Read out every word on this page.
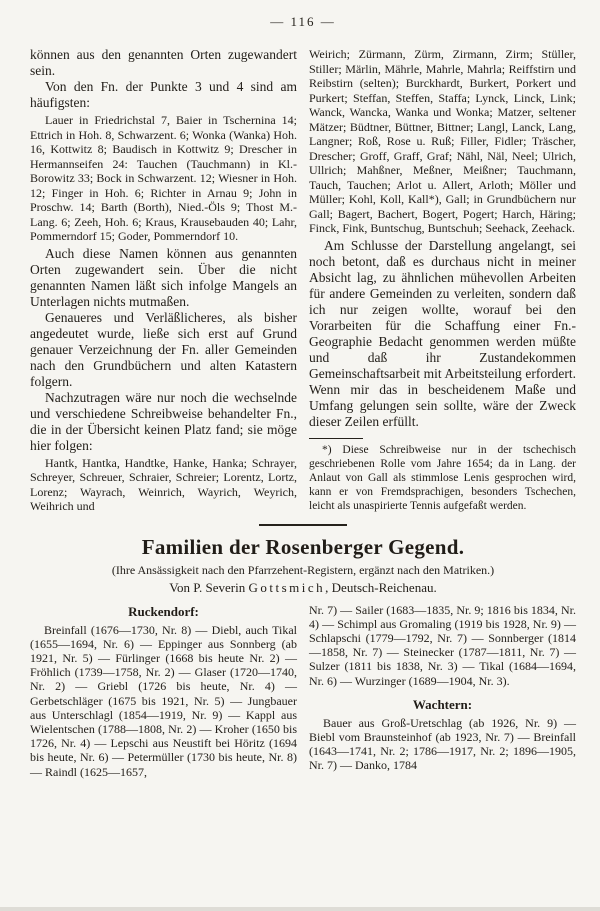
— 116 —

können aus den genannten Orten zugewandert sein.

Von den Fn. der Punkte 3 und 4 sind am häufigsten:

Lauer in Friedrichstal 7, Baier in Tschernina 14; Ettrich in Hoh. 8, Schwarzent. 6; Wonka (Wanka) Hoh. 16, Kottwitz 8; Baudisch in Kottwitz 9; Drescher in Hermannseifen 24: Tauchen (Tauchmann) in Kl.-Borowitz 33; Bock in Schwarzent. 12; Wiesner in Hoh. 12; Finger in Hoh. 6; Richter in Arnau 9; John in Proschw. 14; Barth (Borth), Nied.-Öls 9; Thost M.-Lang. 6; Zeeh, Hoh. 6; Kraus, Krausebauden 40; Lahr, Pommerndorf 15; Goder, Pommerndorf 10.

Auch diese Namen können aus genannten Orten zugewandert sein. Über die nicht genannten Namen läßt sich infolge Mangels an Unterlagen nichts mutmaßen.

Genaueres und Verläßlicheres, als bisher angedeutet wurde, ließe sich erst auf Grund genauer Verzeichnung der Fn. aller Gemeinden nach den Grundbüchern und alten Katastern folgern.

Nachzutragen wäre nur noch die wechselnde und verschiedene Schreibweise behandelter Fn., die in der Übersicht keinen Platz fand; sie möge hier folgen:

Hantk, Hantka, Handtke, Hanke, Hanka; Schrayer, Schreyer, Schreuer, Schraier, Schreier; Lorentz, Lortz, Lorenz; Wayrach, Weinrich, Wayrich, Weyrich, Weihrich und

Weirich; Zürmann, Zürm, Zirmann, Zirm; Stüller, Stiller; Märlin, Mährle, Mahrle, Mahrla; Reiffstirn und Reibstirn (selten); Burckhardt, Burkert, Porkert und Purkert; Steffan, Steffen, Staffa; Lynck, Linck, Link; Wanck, Wancka, Wanka und Wonka; Matzer, seltener Mätzer; Büdtner, Büttner, Bittner; Langl, Lanck, Lang, Langner; Roß, Rose u. Ruß; Filler, Fidler; Träscher, Drescher; Groff, Graff, Graf; Nähl, Näl, Neel; Ulrich, Ullrich; Mahßner, Meßner, Meißner; Tauchmann, Tauch, Tauchen; Arlot u. Allert, Arloth; Möller und Müller; Kohl, Koll, Kall*), Gall; in Grundbüchern nur Gall; Bagert, Bachert, Bogert, Pogert; Harch, Häring; Finck, Fink, Buntschug, Buntschuh; Seehack, Zeehack.

Am Schlusse der Darstellung angelangt, sei noch betont, daß es durchaus nicht in meiner Absicht lag, zu ähnlichen mühevollen Arbeiten für andere Gemeinden zu verleiten, sondern daß ich nur zeigen wollte, worauf bei den Vorarbeiten für die Schaffung einer Fn.-Geographie Bedacht genommen werden müßte und daß ihr Zustandekommen Gemeinschaftsarbeit mit Arbeitsteilung erfordert. Wenn mir das in bescheidenem Maße und Umfang gelungen sein sollte, wäre der Zweck dieser Zeilen erfüllt.

*) Diese Schreibweise nur in der tschechisch geschriebenen Rolle vom Jahre 1654; da in Lang. der Anlaut von Gall als stimmlose Lenis gesprochen wird, kann er von Fremdsprachigen, besonders Tschechen, leicht als unaspirierte Tennis aufgefaßt werden.

Familien der Rosenberger Gegend.
(Ihre Ansässigkeit nach den Pfarrzehent-Registern, ergänzt nach den Matriken.)
Von P. Severin Gottsmich, Deutsch-Reichenau.
Ruckendorf:

Breinfall (1676—1730, Nr. 8) — Diebl, auch Tikal (1655—1694, Nr. 6) — Eppinger aus Sonnberg (ab 1921, Nr. 5) — Fürlinger (1668 bis heute Nr. 2) — Fröhlich (1739—1758, Nr. 2) — Glaser (1720—1740, Nr. 2) — Griebl (1726 bis heute, Nr. 4) — Gerbetschläger (1675 bis 1921, Nr. 5) — Jungbauer aus Unterschlagl (1854—1919, Nr. 9) — Kappl aus Wielentschen (1788—1808, Nr. 2) — Kroher (1650 bis 1726, Nr. 4) — Lepschi aus Neustift bei Höritz (1694 bis heute, Nr. 6) — Petermüller (1730 bis heute, Nr. 8) — Raindl (1625—1657,

Nr. 7) — Sailer (1683—1835, Nr. 9; 1816 bis 1834, Nr. 4) — Schimpl aus Gromaling (1919 bis 1928, Nr. 9) — Schlapschi (1779—1792, Nr. 7) — Sonnberger (1814—1858, Nr. 7) — Steinecker (1787—1811, Nr. 7) — Sulzer (1811 bis 1838, Nr. 3) — Tikal (1684—1694, Nr. 6) — Wurzinger (1689—1904, Nr. 3).

Wachtern:

Bauer aus Groß-Uretschlag (ab 1926, Nr. 9) — Biebl vom Braunsteinhof (ab 1923, Nr. 7) — Breinfall (1643—1741, Nr. 2; 1786—1917, Nr. 2; 1896—1905, Nr. 7) — Danko, 1784
